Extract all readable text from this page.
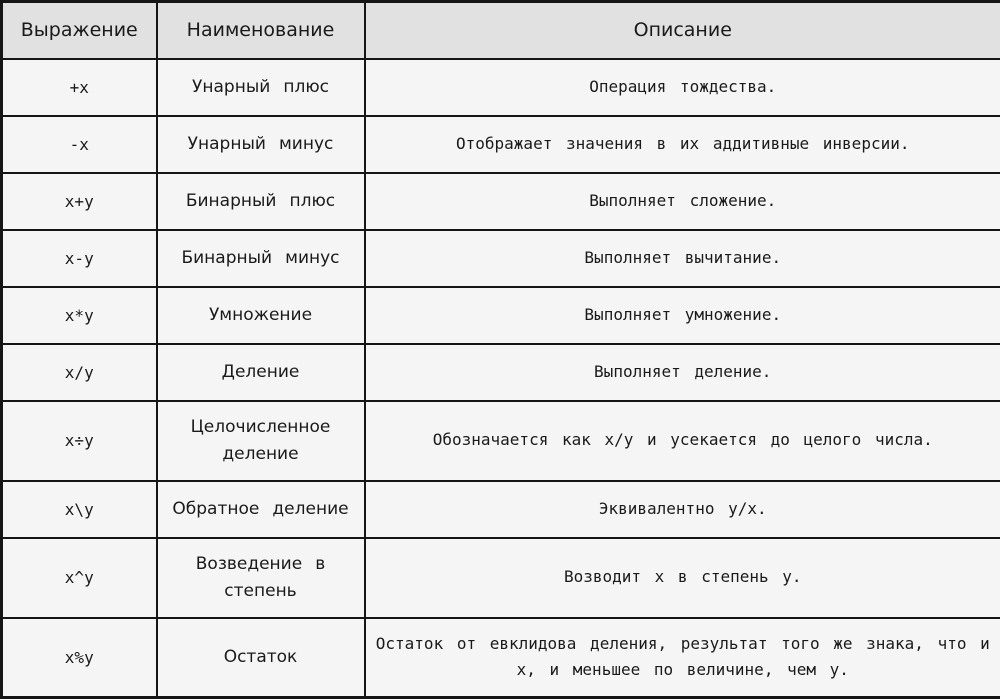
Выражение	Наименование	Описание
+x	Унарный плюс	Операция тождества.
-x	Унарный минус	Отображает значения в их аддитивные инверсии.
x+y	Бинарный плюс	Выполняет сложение.
x-y	Бинарный минус	Выполняет вычитание.
x*y	Умножение	Выполняет умножение.
x/y	Деление	Выполняет деление.
x÷y	Целочисленное деление	Обозначается как x/y и усекается до целого числа.
x\y	Обратное деление	Эквивалентно y/x.
x^y	Возведение в степень	Возводит x в степень y.
x%y	Остаток	Остаток от евклидова деления, результат того же знака, что и x, и меньшее по величине, чем y.
